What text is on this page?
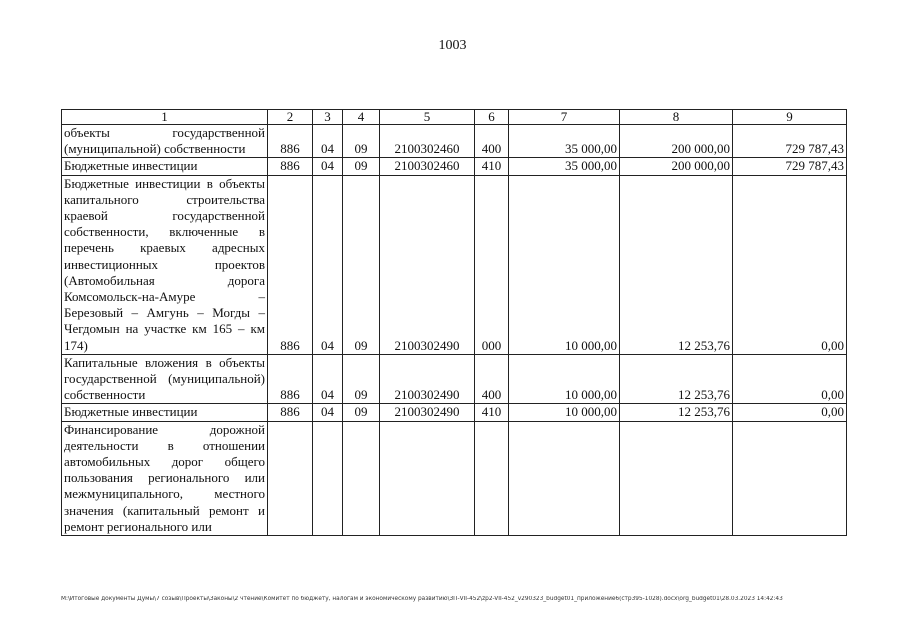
1003
1	2	3	4	5	6	7	8	9
объекты государственной (муниципальной) собственности	886	04	09	2100302460	400	35 000,00	200 000,00	729 787,43
Бюджетные инвестиции	886	04	09	2100302460	410	35 000,00	200 000,00	729 787,43
Бюджетные инвестиции в объекты капитального строительства краевой государственной собственности, включенные в перечень краевых адресных инвестиционных проектов (Автомобильная дорога Комсомольск-на-Амуре – Березовый – Амгунь – Могды – Чегдомын на участке км 165 – км 174)	886	04	09	2100302490	000	10 000,00	12 253,76	0,00
Капитальные вложения в объекты государственной (муниципальной) собственности	886	04	09	2100302490	400	10 000,00	12 253,76	0,00
Бюджетные инвестиции	886	04	09	2100302490	410	10 000,00	12 253,76	0,00
Финансирование дорожной деятельности в отношении автомобильных дорог общего пользования регионального или межмуниципального, местного значения (капитальный ремонт и ремонт регионального или								
M:\Итоговые документы Думы\7 созыв\Проекты\Законы\2 чтение\Комитет по бюджету, налогам и экономическому развитию\ЗП-VII-452\zp2-VII-452_v290323_budget01_приложение6(стр395-1028).docx\org_budget01\28.03.2023 14:42:43
